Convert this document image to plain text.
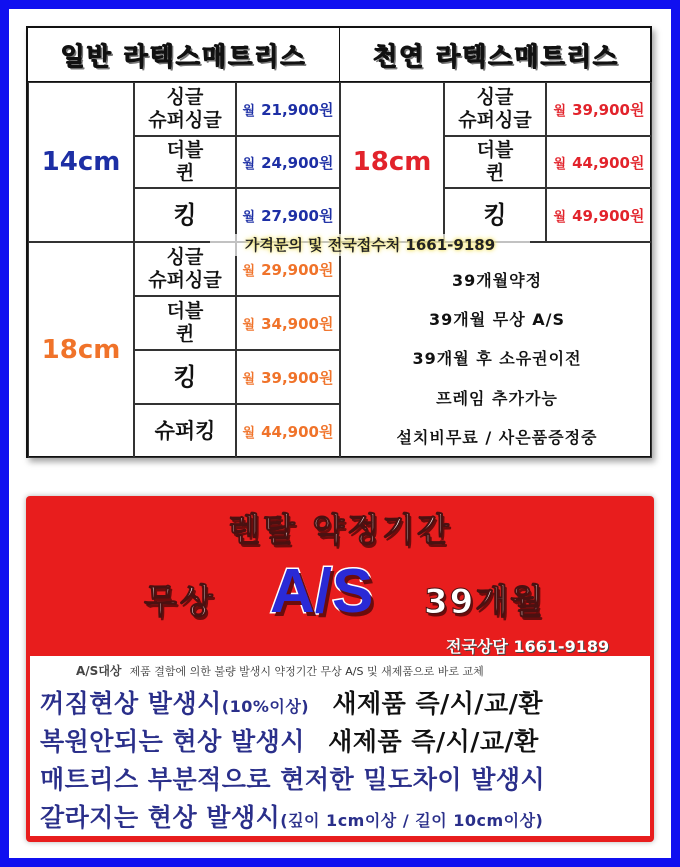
일반 라텍스매트리스	천연 라텍스매트리스
14cm
싱글
슈퍼싱글	월 21,900원
더블
퀸	월 24,900원
킹	월 27,900원
18cm
싱글
슈퍼싱글	월 29,900원
더블
퀸	월 34,900원
킹	월 39,900원
슈퍼킹	월 44,900원
18cm
싱글
슈퍼싱글	월 39,900원
더블
퀸	월 44,900원
킹	월 49,900원
가격문의 및 전국접수처 1661-9189
39개월약정
39개월 무상 A/S
39개월 후 소유권이전
프레임 추가가능
설치비무료 / 사은품증정중
렌탈 약정기간
무상 A/S 39개월
전국상담 1661-9189
A/S대상 제품 결함에 의한 불량 발생시 약정기간 무상 A/S 및 새제품으로 바로 교체
꺼짐현상 발생시(10%이상) 새제품 즉/시/교/환
복원안되는 현상 발생시 새제품 즉/시/교/환
매트리스 부분적으로 현저한 밀도차이 발생시
갈라지는 현상 발생시(깊이 1cm이상 / 길이 10cm이상)
